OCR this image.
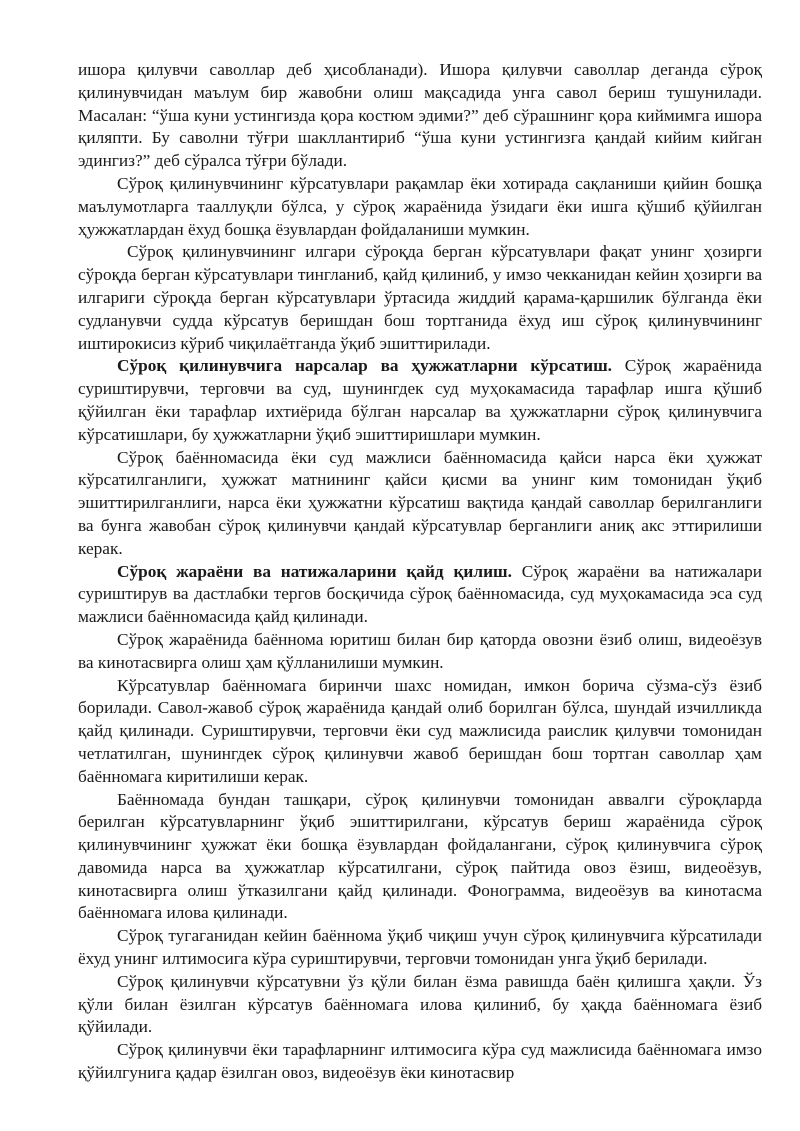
ишора қилувчи саволлар деб ҳисобланади). Ишора қилувчи саволлар деганда сўроқ қилинувчидан маълум бир жавобни олиш мақсадида унга савол бериш тушунилади. Масалан: “ўша куни устингизда қора костюм эдими?” деб сўрашнинг қора киймимга ишора қиляпти. Бу саволни тўғри шакллантириб “ўша куни устингизга қандай кийим кийган эдингиз?” деб сўралса тўғри бўлади.

Сўроқ қилинувчининг кўрсатувлари рақамлар ёки хотирада сақланиши қийин бошқа маълумотларга тааллуқли бўлса, у сўроқ жараёнида ўзидаги ёки ишга қўшиб қўйилган ҳужжатлардан ёхуд бошқа ёзувлардан фойдаланиши мумкин.

Сўроқ қилинувчининг илгари сўроқда берган кўрсатувлари фақат унинг ҳозирги сўроқда берган кўрсатувлари тингланиб, қайд қилиниб, у имзо чекканидан кейин ҳозирги ва илгариги сўроқда берган кўрсатувлари ўртасида жиддий қарама-қаршилик бўлганда ёки судланувчи судда кўрсатув беришдан бош тортганида ёхуд иш сўроқ қилинувчининг иштирокисиз кўриб чиқилаётганда ўқиб эшиттирилади.

Сўроқ қилинувчига нарсалар ва ҳужжатларни кўрсатиш. Сўроқ жараёнида суриштирувчи, терговчи ва суд, шунингдек суд муҳокамасида тарафлар ишга қўшиб қўйилган ёки тарафлар ихтиёрида бўлган нарсалар ва ҳужжатларни сўроқ қилинувчига кўрсатишлари, бу ҳужжатларни ўқиб эшиттиришлари мумкин.

Сўроқ баённомасида ёки суд мажлиси баённомасида қайси нарса ёки ҳужжат кўрсатилганлиги, ҳужжат матнининг қайси қисми ва унинг ким томонидан ўқиб эшиттирилганлиги, нарса ёки ҳужжатни кўрсатиш вақтида қандай саволлар берилганлиги ва бунга жавобан сўроқ қилинувчи қандай кўрсатувлар берганлиги аниқ акс эттирилиши керак.

Сўроқ жараёни ва натижаларини қайд қилиш. Сўроқ жараёни ва натижалари суриштирув ва дастлабки тергов босқичида сўроқ баённомасида, суд муҳокамасида эса суд мажлиси баённомасида қайд қилинади.

Сўроқ жараёнида баённома юритиш билан бир қаторда овозни ёзиб олиш, видеоёзув ва кинотасвирга олиш ҳам қўлланилиши мумкин.

Кўрсатувлар баённомага биринчи шахс номидан, имкон борича сўзма-сўз ёзиб борилади. Савол-жавоб сўроқ жараёнида қандай олиб борилган бўлса, шундай изчилликда қайд қилинади. Суриштирувчи, терговчи ёки суд мажлисида раислик қилувчи томонидан четлатилган, шунингдек сўроқ қилинувчи жавоб беришдан бош тортган саволлар ҳам баённомага киритилиши керак.

Баённомада бундан ташқари, сўроқ қилинувчи томонидан аввалги сўроқларда берилган кўрсатувларнинг ўқиб эшиттирилгани, кўрсатув бериш жараёнида сўроқ қилинувчининг ҳужжат ёки бошқа ёзувлардан фойдалангани, сўроқ қилинувчига сўроқ давомида нарса ва ҳужжатлар кўрсатилгани, сўроқ пайтида овоз ёзиш, видеоёзув, кинотасвирга олиш ўтказилгани қайд қилинади. Фонограмма, видеоёзув ва кинотасма баённомага илова қилинади.

Сўроқ тугаганидан кейин баённома ўқиб чиқиш учун сўроқ қилинувчига кўрсатилади ёхуд унинг илтимосига кўра суриштирувчи, терговчи томонидан унга ўқиб берилади.

Сўроқ қилинувчи кўрсатувни ўз қўли билан ёзма равишда баён қилишга ҳақли. Ўз қўли билан ёзилган кўрсатув баённомага илова қилиниб, бу ҳақда баённомага ёзиб қўйилади.

Сўроқ қилинувчи ёки тарафларнинг илтимосига кўра суд мажлисида баённомага имзо қўйилгунига қадар ёзилган овоз, видеоёзув ёки кинотасвир
